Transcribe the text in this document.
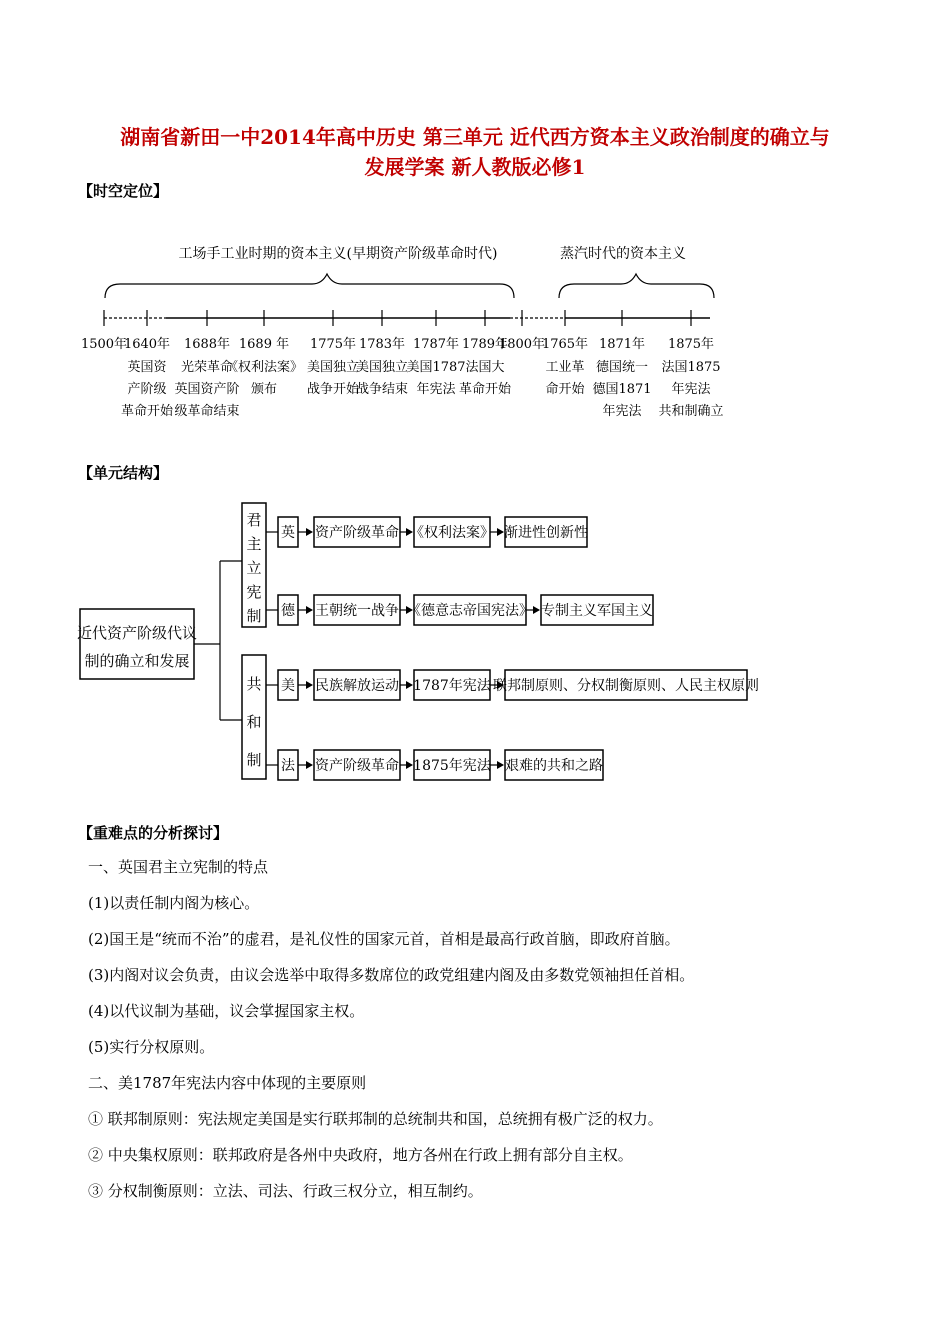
湖南省新田一中2014年高中历史 第三单元 近代西方资本主义政治制度的确立与
发展学案 新人教版必修1
【时空定位】
工场手工业时期的资本主义(早期资产阶级革命时代)	蒸汽时代的资本主义
1500年
1640年
英国资
产阶级
革命开始
1688年
光荣革命
英国资产阶
级革命结束
1689 年
《权利法案》
颁布
1775年
美国独立
战争开始
1783年
美国独立
战争结束
1787年
美国1787
年宪法
1789年
法国大
革命开始
1800年
1765年
工业革
命开始
1871年
德国统一
德国1871
年宪法
1875年
法国1875
年宪法
共和制确立
【单元结构】
近代资产阶级代议
制的确立和发展
君
主
立
宪
制
共
和
制
英 资产阶级革命 《权利法案》 渐进性创新性
德 王朝统一战争 《德意志帝国宪法》 专制主义军国主义
美 民族解放运动 1787年宪法 联邦制原则、分权制衡原则、人民主权原则
法 资产阶级革命 1875年宪法 艰难的共和之路
【重难点的分析探讨】
一、英国君主立宪制的特点
(1)以责任制内阁为核心。
(2)国王是“统而不治”的虚君，是礼仪性的国家元首，首相是最高行政首脑，即政府首脑。
(3)内阁对议会负责，由议会选举中取得多数席位的政党组建内阁及由多数党领袖担任首相。
(4)以代议制为基础，议会掌握国家主权。
(5)实行分权原则。
二、美1787年宪法内容中体现的主要原则
① 联邦制原则：宪法规定美国是实行联邦制的总统制共和国，总统拥有极广泛的权力。
② 中央集权原则：联邦政府是各州中央政府，地方各州在行政上拥有部分自主权。
③ 分权制衡原则：立法、司法、行政三权分立，相互制约。
